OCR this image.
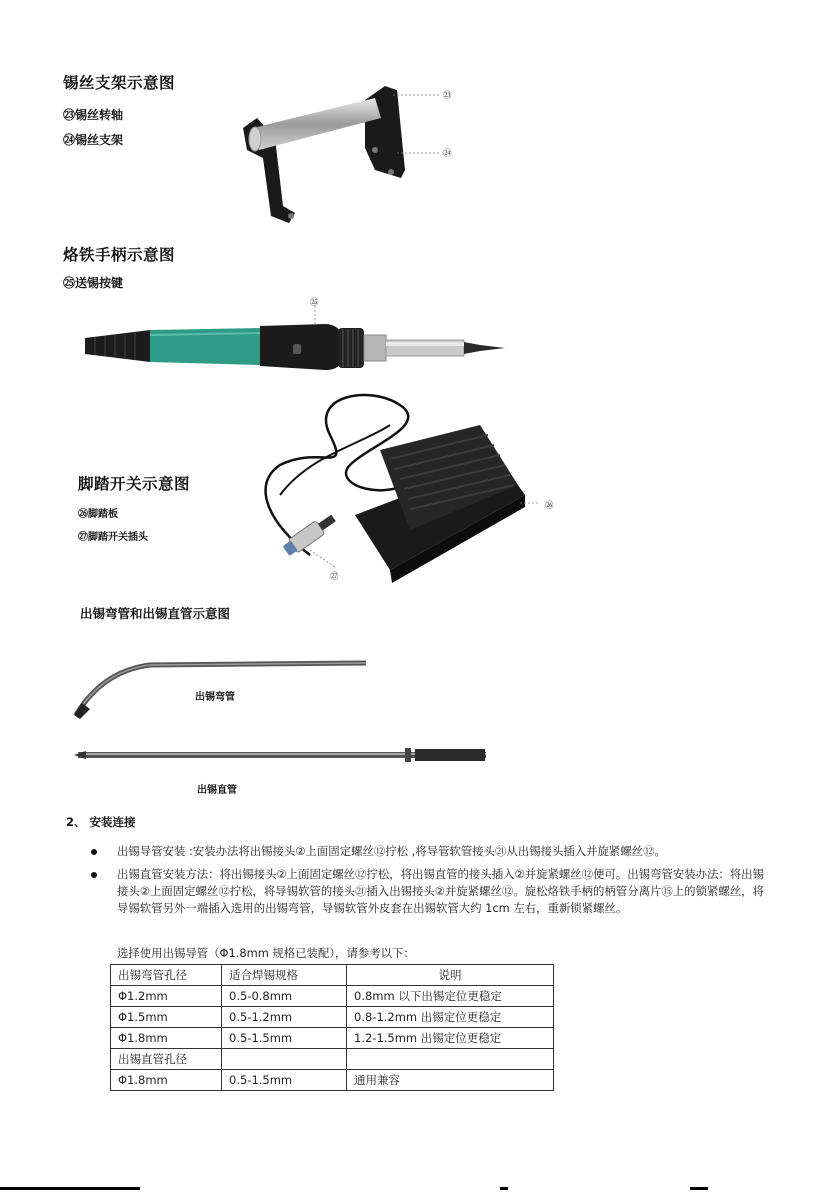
锡丝支架示意图
㉓锡丝转轴
㉔锡丝支架
㉓
㉔
烙铁手柄示意图
㉕送锡按键
㉕
脚踏开关示意图
㉖脚踏板
㉗脚踏开关插头
㉖
㉗
出锡弯管和出锡直管示意图
出锡弯管
出锡直管
2、 安装连接
出锡导管安装 :安装办法将出锡接头②上面固定螺丝⑫拧松 ,将导管软管接头㉑从出锡接头插入并旋紧螺丝⑫。
出锡直管安装方法：将出锡接头②上面固定螺丝⑫拧松，将出锡直管的接头插入②并旋紧螺丝⑫便可。出锡弯管安装办法：将出锡接头②上面固定螺丝⑫拧松，将导锡软管的接头㉑插入出锡接头②并旋紧螺丝⑫。旋松烙铁手柄的柄管分离片⑮上的锁紧螺丝，将导锡软管另外一端插入选用的出锡弯管，导锡软管外皮套在出锡软管大约 1cm 左右，重新锁紧螺丝。
选择使用出锡导管（Φ1.8mm 规格已装配），请参考以下：
出锡弯管孔径	适合焊锡规格	说明
Φ1.2mm	0.5-0.8mm	0.8mm 以下出锡定位更稳定
Φ1.5mm	0.5-1.2mm	0.8-1.2mm 出锡定位更稳定
Φ1.8mm	0.5-1.5mm	1.2-1.5mm 出锡定位更稳定
出锡直管孔径		
Φ1.8mm	0.5-1.5mm	通用兼容
